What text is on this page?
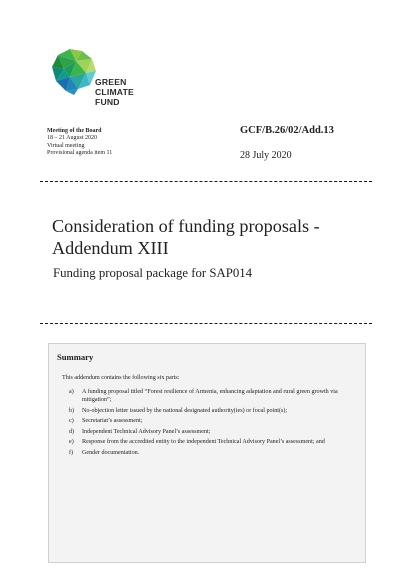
GREEN
CLIMATE
FUND
Meeting of the Board
18 – 21 August 2020
Virtual meeting
Provisional agenda item 11
GCF/B.26/02/Add.13
28 July 2020
Consideration of funding proposals -
Addendum XIII
Funding proposal package for SAP014
Summary
This addendum contains the following six parts:
a)	A funding proposal titled “Forest resilience of Armenia, enhancing adaptation and rural green growth via mitigation”;
b)	No-objection letter issued by the national designated authority(ies) or focal point(s);
c)	Secretariat’s assessment;
d)	Independent Technical Advisory Panel’s assessment;
e)	Response from the accredited entity to the independent Technical Advisory Panel’s assessment; and
f)	Gender documentation.
